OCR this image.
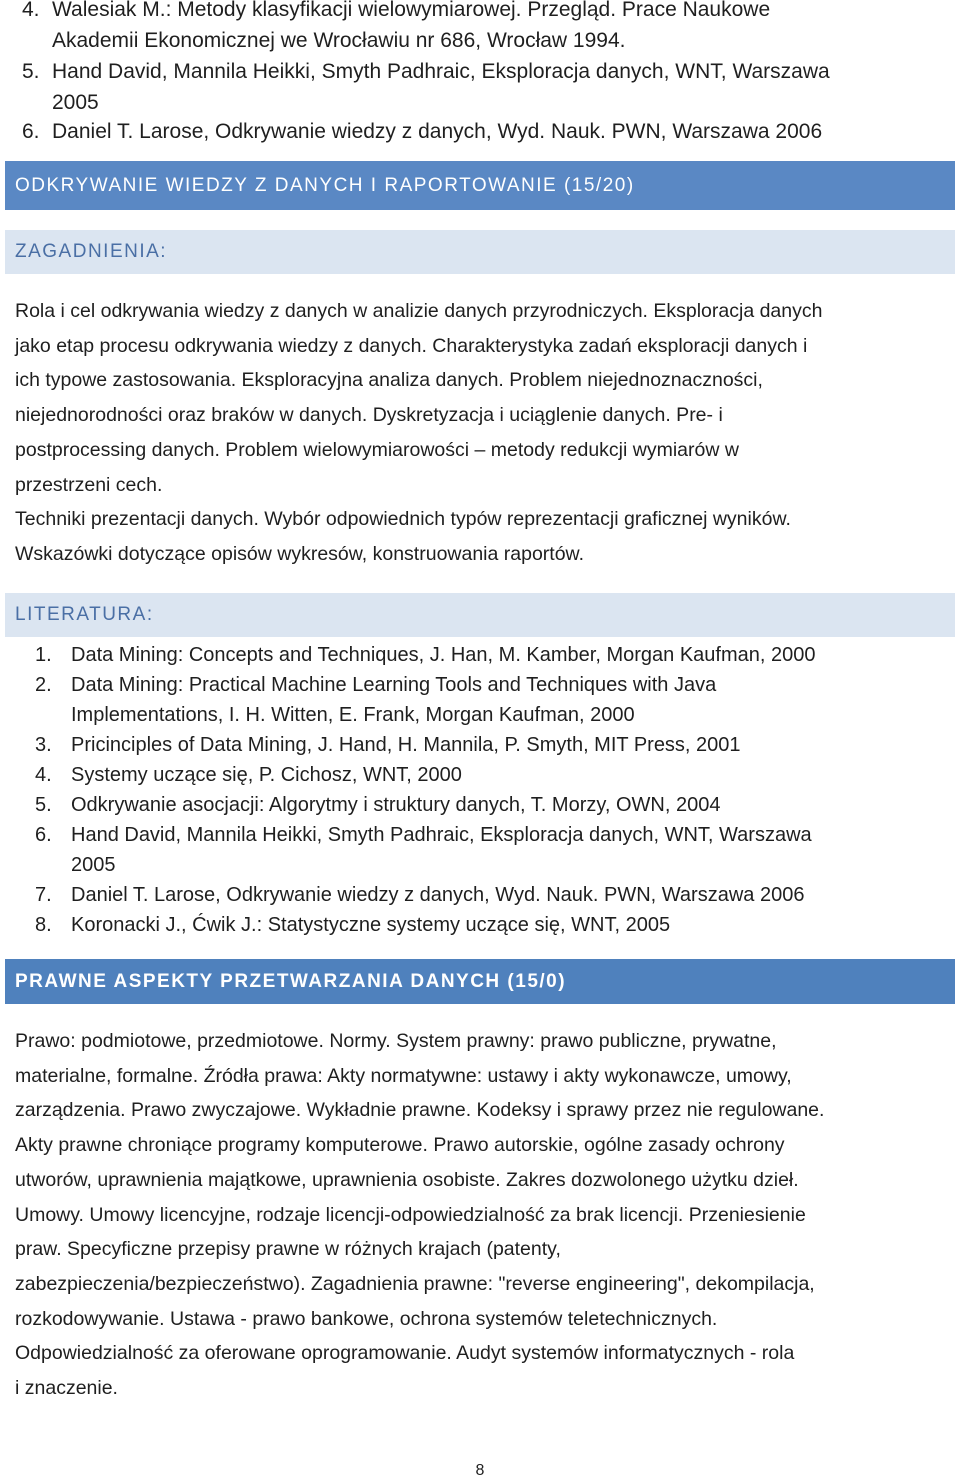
4. Walesiak M.: Metody klasyfikacji wielowymiarowej. Przegląd. Prace Naukowe
Akademii Ekonomicznej we Wrocławiu nr 686, Wrocław 1994.
5. Hand David, Mannila Heikki, Smyth Padhraic, Eksploracja danych, WNT, Warszawa
2005
6. Daniel T. Larose, Odkrywanie wiedzy z danych, Wyd. Nauk. PWN, Warszawa 2006
ODKRYWANIE WIEDZY Z DANYCH I RAPORTOWANIE (15/20)
ZAGADNIENIA:

Rola i cel odkrywania wiedzy z danych w analizie danych przyrodniczych. Eksploracja danych

jako etap procesu odkrywania wiedzy z danych. Charakterystyka zadań eksploracji danych i

ich typowe zastosowania. Eksploracyjna analiza danych. Problem niejednoznaczności,

niejednorodności oraz braków w danych. Dyskretyzacja i uciąglenie danych. Pre- i

postprocessing danych. Problem wielowymiarowości – metody redukcji wymiarów w

przestrzeni cech.

Techniki prezentacji danych. Wybór odpowiednich typów reprezentacji graficznej wyników.

Wskazówki dotyczące opisów wykresów, konstruowania raportów.

LITERATURA:
1. Data Mining: Concepts and Techniques, J. Han, M. Kamber, Morgan Kaufman, 2000
2. Data Mining: Practical Machine Learning Tools and Techniques with Java
Implementations, I. H. Witten, E. Frank, Morgan Kaufman, 2000
3. Pricinciples of Data Mining, J. Hand, H. Mannila, P. Smyth, MIT Press, 2001
4. Systemy uczące się, P. Cichosz, WNT, 2000
5. Odkrywanie asocjacji: Algorytmy i struktury danych, T. Morzy, OWN, 2004
6. Hand David, Mannila Heikki, Smyth Padhraic, Eksploracja danych, WNT, Warszawa
2005
7. Daniel T. Larose, Odkrywanie wiedzy z danych, Wyd. Nauk. PWN, Warszawa 2006
8. Koronacki J., Ćwik J.: Statystyczne systemy uczące się, WNT, 2005
PRAWNE ASPEKTY PRZETWARZANIA DANYCH (15/0)

Prawo: podmiotowe, przedmiotowe. Normy. System prawny: prawo publiczne, prywatne,

materialne, formalne. Źródła prawa: Akty normatywne: ustawy i akty wykonawcze, umowy,

zarządzenia. Prawo zwyczajowe. Wykładnie prawne. Kodeksy i sprawy przez nie regulowane.

Akty prawne chroniące programy komputerowe. Prawo autorskie, ogólne zasady ochrony

utworów, uprawnienia majątkowe, uprawnienia osobiste. Zakres dozwolonego użytku dzieł.

Umowy. Umowy licencyjne, rodzaje licencji-odpowiedzialność za brak licencji. Przeniesienie

praw. Specyficzne przepisy prawne w różnych krajach (patenty,

zabezpieczenia/bezpieczeństwo). Zagadnienia prawne: "reverse engineering", dekompilacja,

rozkodowywanie. Ustawa - prawo bankowe, ochrona systemów teletechnicznych.

Odpowiedzialność za oferowane oprogramowanie. Audyt systemów informatycznych - rola

i znaczenie.

8
